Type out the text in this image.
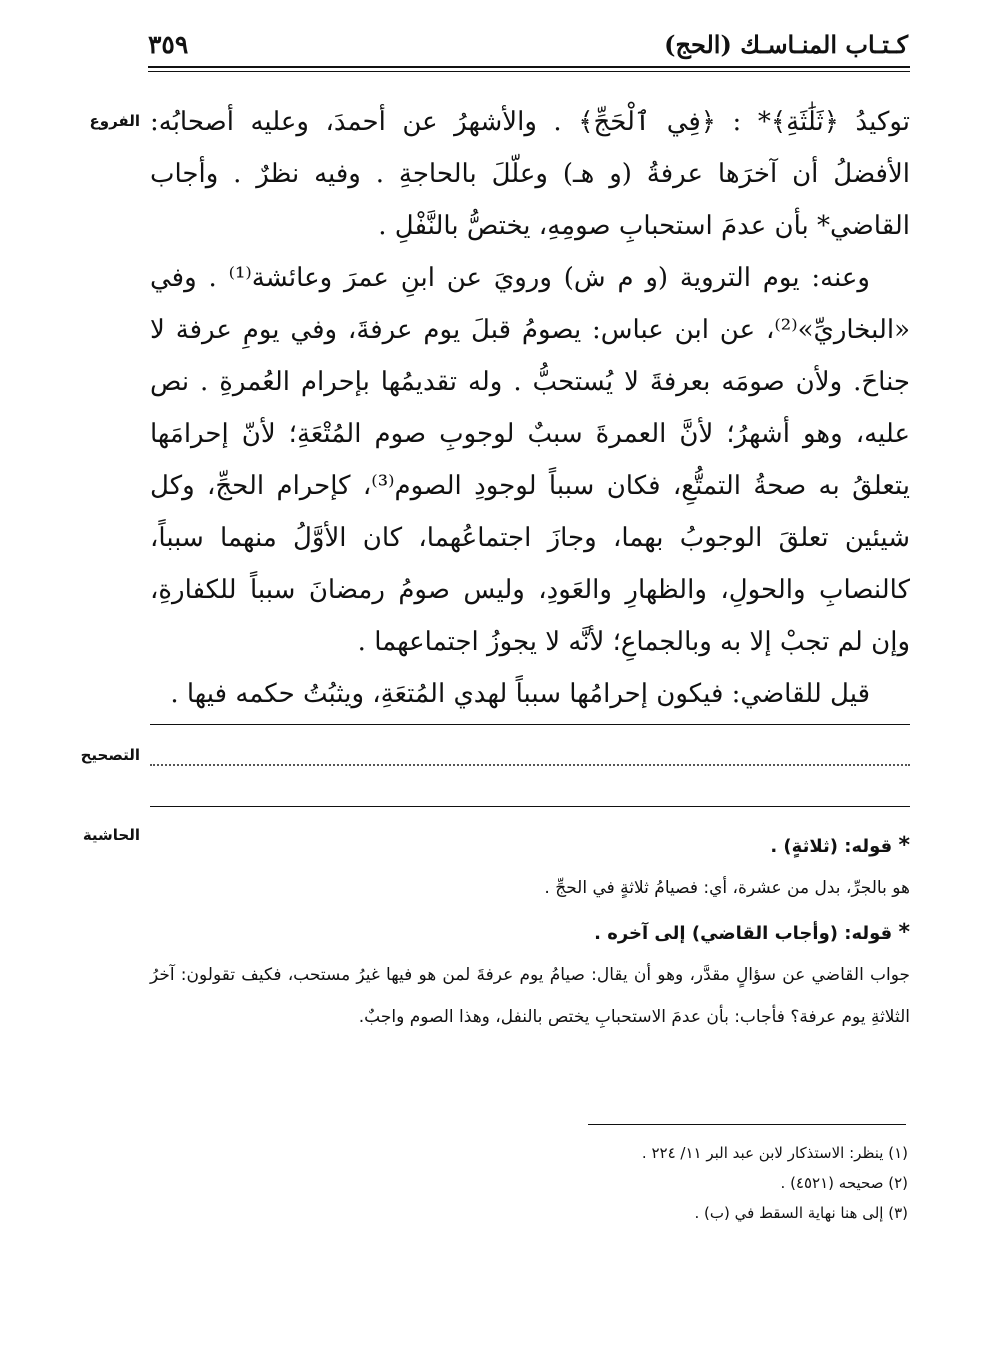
كـتـاب المنـاسـك (الحج)
٣٥٩
الفروع
التصحيح
الحاشية

توكيدُ ﴿ثَلَٰثَةِ﴾* : ﴿فِي ٱلْحَجِّ﴾ . والأشهرُ عن أحمدَ، وعليه أصحابُه: الأفضلُ أن آخرَها عرفةُ (و هـ) وعلّلَ بالحاجةِ . وفيه نظرٌ . وأجاب القاضي* بأن عدمَ استحبابِ صومِهِ، يختصُّ بالنَّفْلِ .

وعنه: يوم التروية (و م ش) ورويَ عن ابنِ عمرَ وعائشة⁽¹⁾ . وفي «البخاريِّ»⁽²⁾، عن ابن عباس: يصومُ قبلَ يوم عرفةَ، وفي يومِ عرفة لا جناحَ. ولأن صومَه بعرفةَ لا يُستحبُّ . وله تقديمُها بإحرام العُمرةِ . نص عليه، وهو أشهرُ؛ لأنَّ العمرةَ سببٌ لوجوبِ صوم المُتْعَةِ؛ لأنّ إحرامَها يتعلقُ به صحةُ التمتُّعِ، فكان سبباً لوجودِ الصوم⁽³⁾، كإحرام الحجِّ، وكل شيئين تعلقَ الوجوبُ بهما، وجازَ اجتماعُهما، كان الأوَّلُ منهما سبباً، كالنصابِ والحولِ، والظهارِ والعَودِ، وليس صومُ رمضانَ سبباً للكفارةِ، وإن لم تجبْ إلا به وبالجماعِ؛ لأنَّه لا يجوزُ اجتماعهما .

قيل للقاضي: فيكون إحرامُها سبباً لهدي المُتعَةِ، ويثبُتُ حكمه فيها .

* قوله: (ثلاثةٍ) .

هو بالجرِّ، بدل من عشرة، أي: فصيامُ ثلاثةٍ في الحجِّ .

* قوله: (وأجاب القاضي) إلى آخره .

جواب القاضي عن سؤالٍ مقدَّر، وهو أن يقال: صيامُ يوم عرفةَ لمن هو فيها غيرُ مستحب، فكيف تقولون: آخرُ الثلاثةِ يوم عرفة؟ فأجاب: بأن عدمَ الاستحبابِ يختص بالنفل، وهذا الصوم واجبٌ.

(١) ينظر: الاستذكار لابن عبد البر ١١/ ٢٢٤ .
(٢) صحيحه (٤٥٢١) .
(٣) إلى هنا نهاية السقط في (ب) .
